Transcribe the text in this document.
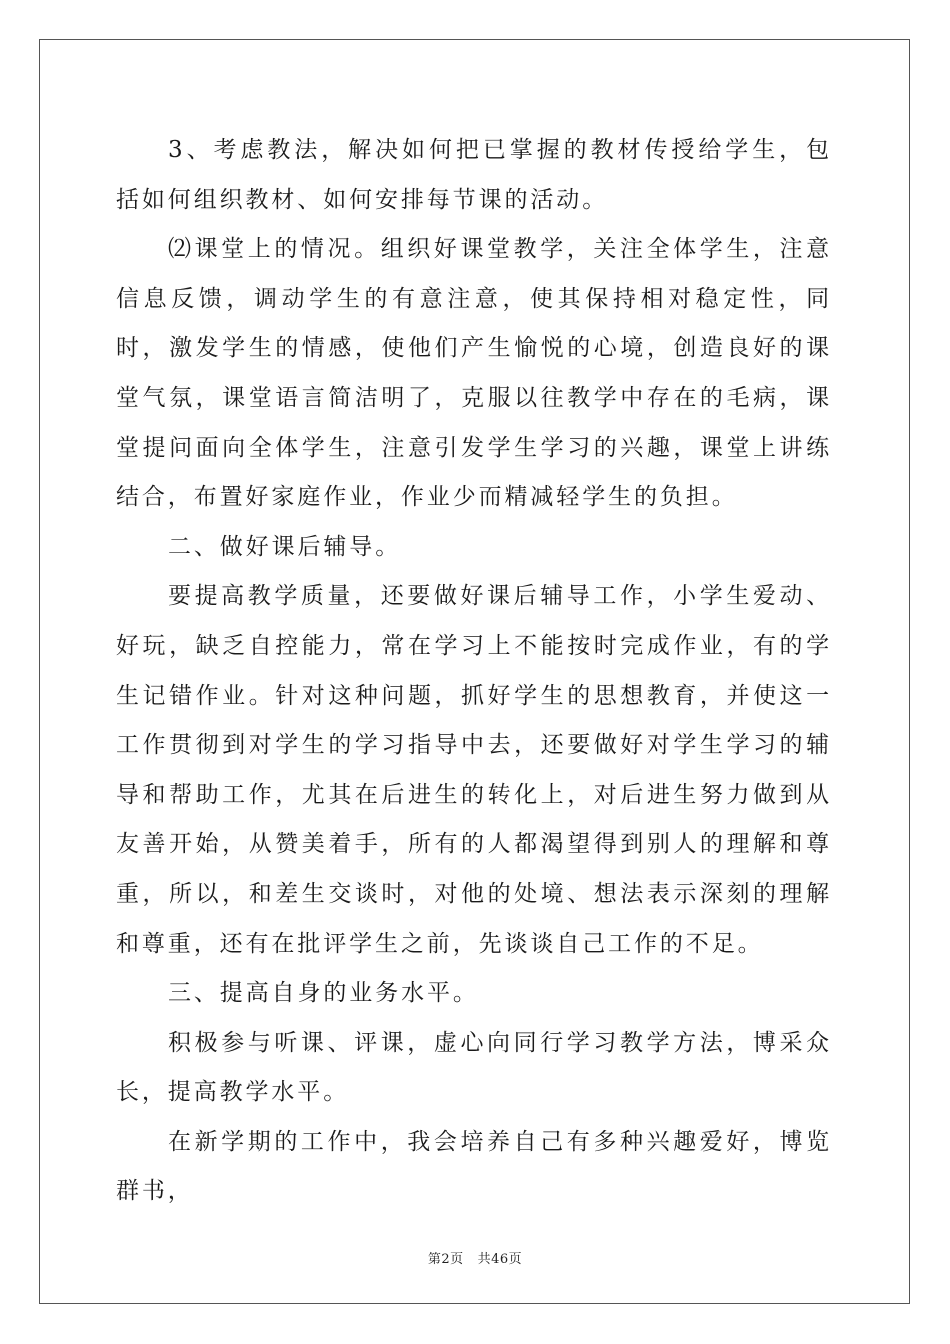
3、考虑教法，解决如何把已掌握的教材传授给学生，包括如何组织教材、如何安排每节课的活动。

⑵课堂上的情况。组织好课堂教学，关注全体学生，注意信息反馈，调动学生的有意注意，使其保持相对稳定性，同时，激发学生的情感，使他们产生愉悦的心境，创造良好的课堂气氛，课堂语言简洁明了，克服以往教学中存在的毛病，课堂提问面向全体学生，注意引发学生学习的兴趣，课堂上讲练结合，布置好家庭作业，作业少而精减轻学生的负担。

二、做好课后辅导。

要提高教学质量，还要做好课后辅导工作，小学生爱动、好玩，缺乏自控能力，常在学习上不能按时完成作业，有的学生记错作业。针对这种问题，抓好学生的思想教育，并使这一工作贯彻到对学生的学习指导中去，还要做好对学生学习的辅导和帮助工作，尤其在后进生的转化上，对后进生努力做到从友善开始，从赞美着手，所有的人都渴望得到别人的理解和尊重，所以，和差生交谈时，对他的处境、想法表示深刻的理解和尊重，还有在批评学生之前，先谈谈自己工作的不足。

三、提高自身的业务水平。

积极参与听课、评课，虚心向同行学习教学方法，博采众长，提高教学水平。

在新学期的工作中，我会培养自己有多种兴趣爱好，博览群书，

第2页 共46页
